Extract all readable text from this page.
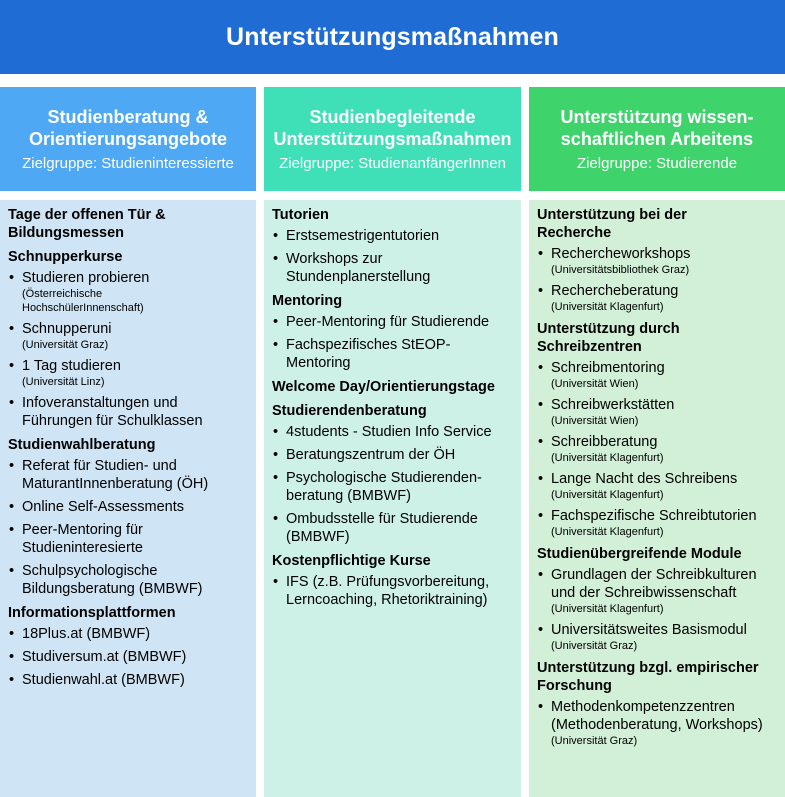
Unterstützungsmaßnahmen
Studienberatung &
Orientierungsangebote
Zielgruppe: Studieninteressierte
Studienbegleitende
Unterstützungsmaßnahmen
Zielgruppe: StudienanfängerInnen
Unterstützung wissen-
schaftlichen Arbeitens
Zielgruppe: Studierende
Tage der offenen Tür &
Bildungsmessen
Schnupperkurse
• Studieren probieren
(Österreichische
HochschülerInnenschaft)
• Schnupperuni
(Universität Graz)
• 1 Tag studieren
(Universität Linz)
• Infoveranstaltungen und
Führungen für Schulklassen
Studienwahlberatung
• Referat für Studien- und
MaturantInnenberatung (ÖH)
• Online Self-Assessments
• Peer-Mentoring für
Studieninteresierte
• Schulpsychologische
Bildungsberatung (BMBWF)
Informationsplattformen
• 18Plus.at (BMBWF)
• Studiversum.at (BMBWF)
• Studienwahl.at (BMBWF)
Tutorien
• Erstsemestrigentutorien
• Workshops zur
Stundenplanerstellung
Mentoring
• Peer-Mentoring für Studierende
• Fachspezifisches StEOP-
Mentoring
Welcome Day/Orientierungstage
Studierendenberatung
• 4students - Studien Info Service
• Beratungszentrum der ÖH
• Psychologische Studierenden-
beratung (BMBWF)
• Ombudsstelle für Studierende
(BMBWF)
Kostenpflichtige Kurse
• IFS (z.B. Prüfungsvorbereitung,
Lerncoaching, Rhetoriktraining)
Unterstützung bei der
Recherche
• Rechercheworkshops
(Universitätsbibliothek Graz)
• Rechercheberatung
(Universität Klagenfurt)
Unterstützung durch
Schreibzentren
• Schreibmentoring
(Universität Wien)
• Schreibwerkstätten
(Universität Wien)
• Schreibberatung
(Universität Klagenfurt)
• Lange Nacht des Schreibens
(Universität Klagenfurt)
• Fachspezifische Schreibtutorien
(Universität Klagenfurt)
Studienübergreifende Module
• Grundlagen der Schreibkulturen
und der Schreibwissenschaft
(Universität Klagenfurt)
• Universitätsweites Basismodul
(Universität Graz)
Unterstützung bzgl. empirischer
Forschung
• Methodenkompetenzzentren
(Methodenberatung, Workshops)
(Universität Graz)
